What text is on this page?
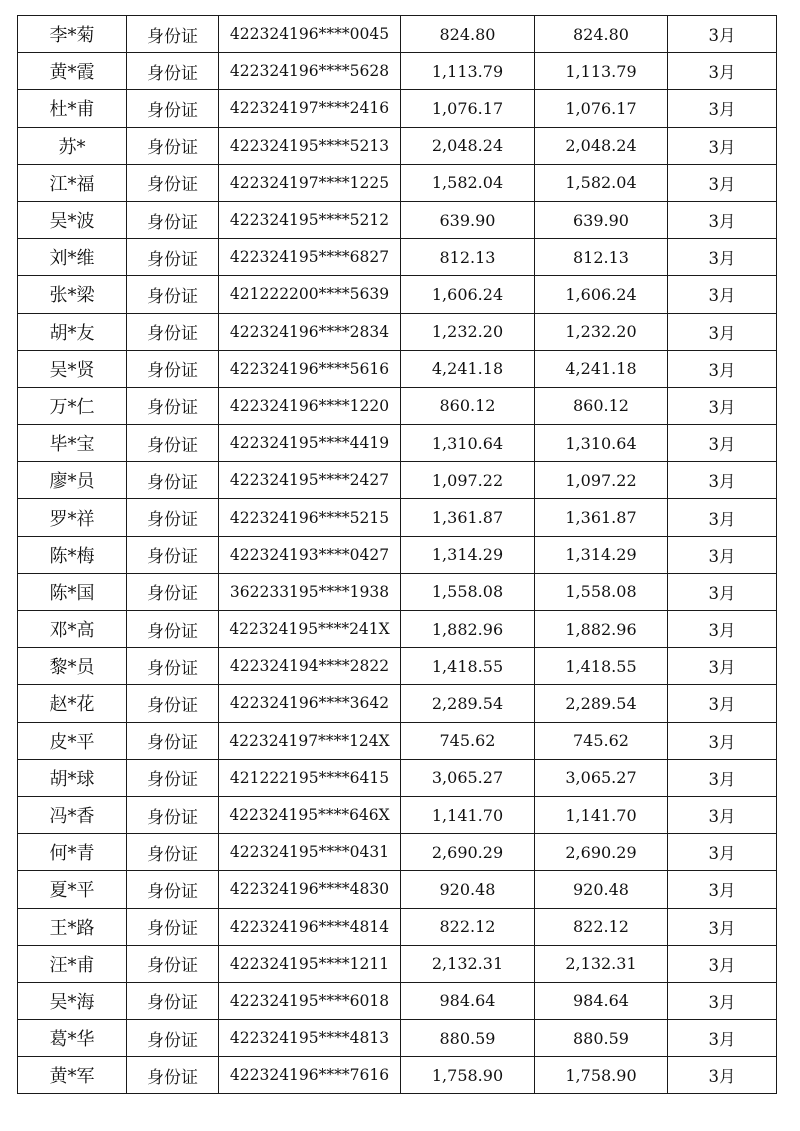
李*菊	身份证	422324196****0045	824.80	824.80	3月
黄*霞	身份证	422324196****5628	1,113.79	1,113.79	3月
杜*甫	身份证	422324197****2416	1,076.17	1,076.17	3月
苏*	身份证	422324195****5213	2,048.24	2,048.24	3月
江*福	身份证	422324197****1225	1,582.04	1,582.04	3月
吴*波	身份证	422324195****5212	639.90	639.90	3月
刘*维	身份证	422324195****6827	812.13	812.13	3月
张*梁	身份证	421222200****5639	1,606.24	1,606.24	3月
胡*友	身份证	422324196****2834	1,232.20	1,232.20	3月
吴*贤	身份证	422324196****5616	4,241.18	4,241.18	3月
万*仁	身份证	422324196****1220	860.12	860.12	3月
毕*宝	身份证	422324195****4419	1,310.64	1,310.64	3月
廖*员	身份证	422324195****2427	1,097.22	1,097.22	3月
罗*祥	身份证	422324196****5215	1,361.87	1,361.87	3月
陈*梅	身份证	422324193****0427	1,314.29	1,314.29	3月
陈*国	身份证	362233195****1938	1,558.08	1,558.08	3月
邓*高	身份证	422324195****241X	1,882.96	1,882.96	3月
黎*员	身份证	422324194****2822	1,418.55	1,418.55	3月
赵*花	身份证	422324196****3642	2,289.54	2,289.54	3月
皮*平	身份证	422324197****124X	745.62	745.62	3月
胡*球	身份证	421222195****6415	3,065.27	3,065.27	3月
冯*香	身份证	422324195****646X	1,141.70	1,141.70	3月
何*青	身份证	422324195****0431	2,690.29	2,690.29	3月
夏*平	身份证	422324196****4830	920.48	920.48	3月
王*路	身份证	422324196****4814	822.12	822.12	3月
汪*甫	身份证	422324195****1211	2,132.31	2,132.31	3月
吴*海	身份证	422324195****6018	984.64	984.64	3月
葛*华	身份证	422324195****4813	880.59	880.59	3月
黄*军	身份证	422324196****7616	1,758.90	1,758.90	3月
